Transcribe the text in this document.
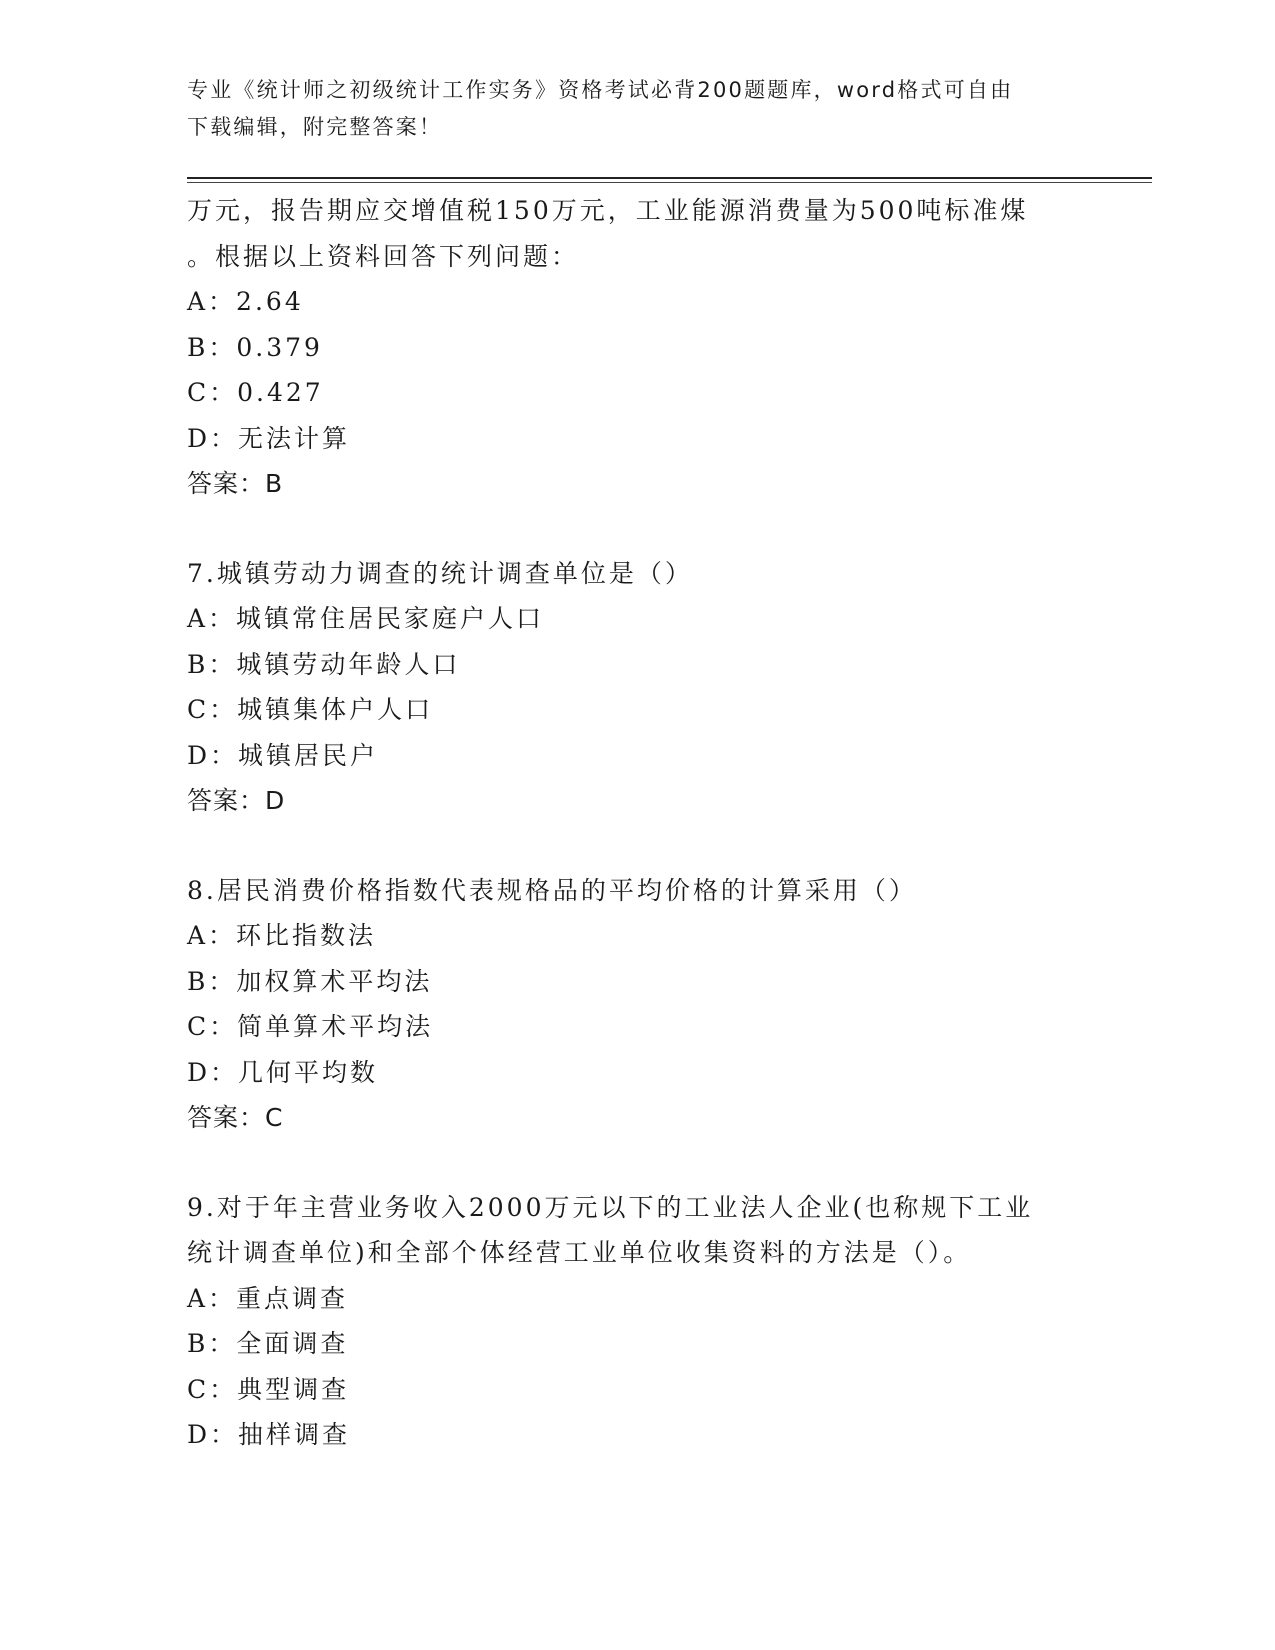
专业《统计师之初级统计工作实务》资格考试必背200题题库，word格式可自由
下载编辑，附完整答案！
万元，报告期应交增值税150万元，工业能源消费量为500吨标准煤
。根据以上资料回答下列问题：
A：2.64
B：0.379
C：0.427
D：无法计算
答案：B
7.城镇劳动力调查的统计调查单位是（）
A：城镇常住居民家庭户人口
B：城镇劳动年龄人口
C：城镇集体户人口
D：城镇居民户
答案：D
8.居民消费价格指数代表规格品的平均价格的计算采用（）
A：环比指数法
B：加权算术平均法
C：简单算术平均法
D：几何平均数
答案：C
9.对于年主营业务收入2000万元以下的工业法人企业(也称规下工业
统计调查单位)和全部个体经营工业单位收集资料的方法是（）。
A：重点调查
B：全面调查
C：典型调查
D：抽样调查
